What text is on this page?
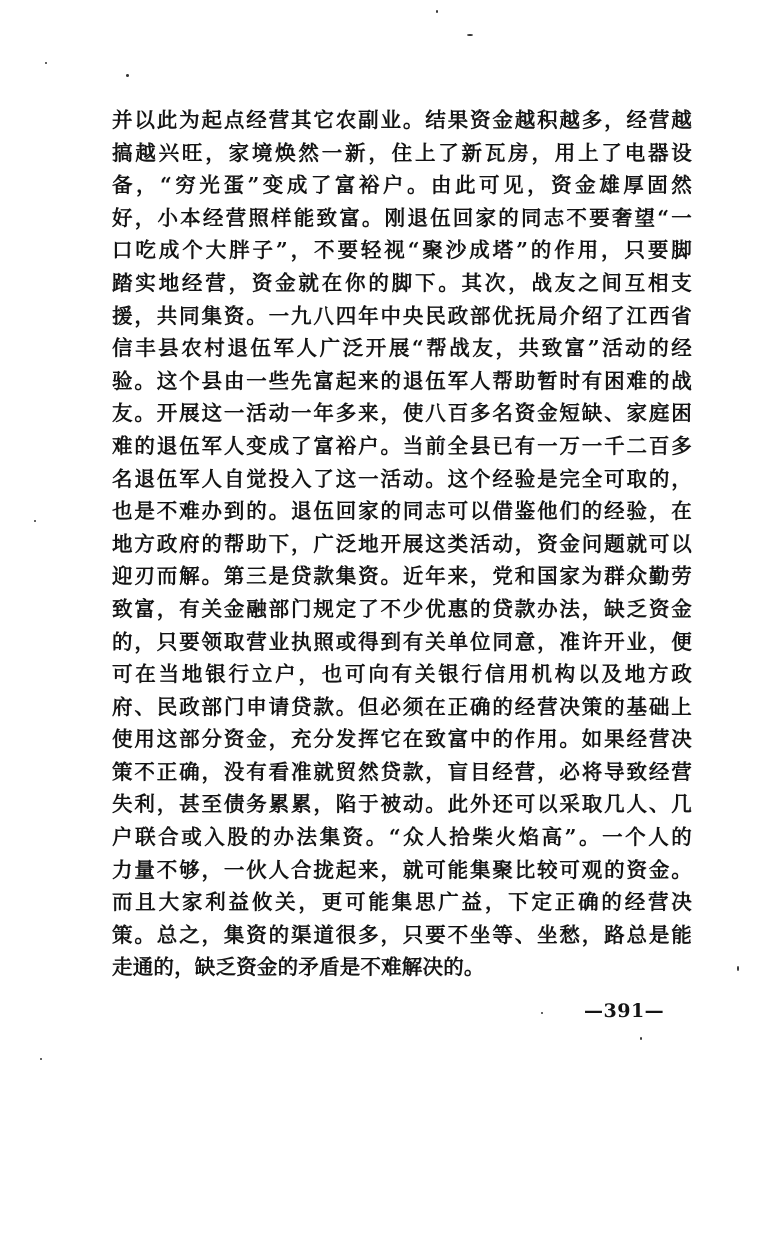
并以此为起点经营其它农副业。结果资金越积越多，经营越
搞越兴旺，家境焕然一新，住上了新瓦房，用上了电器设
备，“穷光蛋”变成了富裕户。由此可见，资金雄厚固然
好，小本经营照样能致富。刚退伍回家的同志不要奢望“一
口吃成个大胖子”，不要轻视“聚沙成塔”的作用，只要脚
踏实地经营，资金就在你的脚下。其次，战友之间互相支
援，共同集资。一九八四年中央民政部优抚局介绍了江西省
信丰县农村退伍军人广泛开展“帮战友，共致富”活动的经
验。这个县由一些先富起来的退伍军人帮助暂时有困难的战
友。开展这一活动一年多来，使八百多名资金短缺、家庭困
难的退伍军人变成了富裕户。当前全县已有一万一千二百多
名退伍军人自觉投入了这一活动。这个经验是完全可取的，
也是不难办到的。退伍回家的同志可以借鉴他们的经验，在
地方政府的帮助下，广泛地开展这类活动，资金问题就可以
迎刃而解。第三是贷款集资。近年来，党和国家为群众勤劳
致富，有关金融部门规定了不少优惠的贷款办法，缺乏资金
的，只要领取营业执照或得到有关单位同意，准许开业，便
可在当地银行立户，也可向有关银行信用机构以及地方政
府、民政部门申请贷款。但必须在正确的经营决策的基础上
使用这部分资金，充分发挥它在致富中的作用。如果经营决
策不正确，没有看准就贸然贷款，盲目经营，必将导致经营
失利，甚至债务累累，陷于被动。此外还可以采取几人、几
户联合或入股的办法集资。“众人拾柴火焰高”。一个人的
力量不够，一伙人合拢起来，就可能集聚比较可观的资金。
而且大家利益攸关，更可能集思广益，下定正确的经营决
策。总之，集资的渠道很多，只要不坐等、坐愁，路总是能
走通的，缺乏资金的矛盾是不难解决的。
—391—
